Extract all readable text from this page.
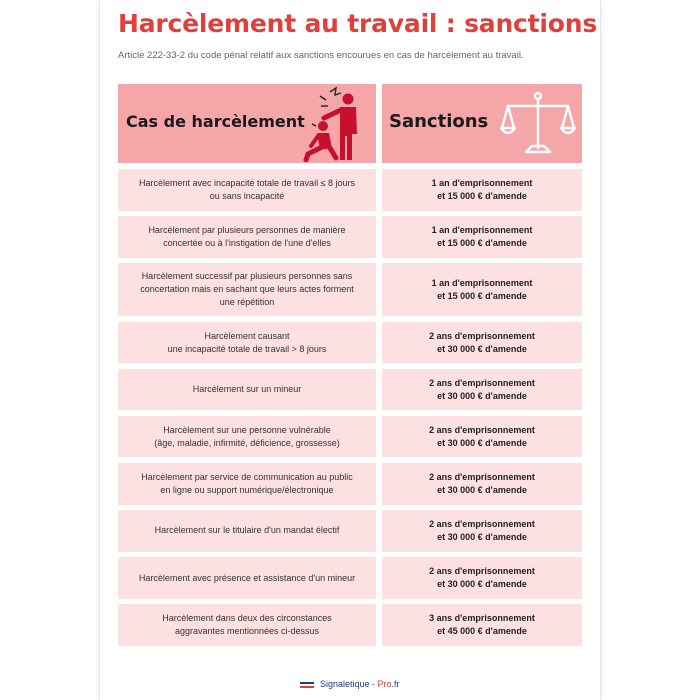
Harcèlement au travail : sanctions

Article 222-33-2 du code pénal relatif aux sanctions encourues en cas de harcèlement au travail.

Cas de harcèlement	Sanctions
Harcèlement avec incapacité totale de travail ≤ 8 jours
ou sans incapacité
1 an d'emprisonnement
et 15 000 € d'amende
Harcèlement par plusieurs personnes de manière
concertée ou à l'instigation de l'une d'elles
1 an d'emprisonnement
et 15 000 € d'amende
Harcèlement successif par plusieurs personnes sans
concertation mais en sachant que leurs actes forment
une répétition
1 an d'emprisonnement
et 15 000 € d'amende
Harcèlement causant
une incapacité totale de travail > 8 jours
2 ans d'emprisonnement
et 30 000 € d'amende
Harcèlement sur un mineur
2 ans d'emprisonnement
et 30 000 € d'amende
Harcèlement sur une personne vulnérable
(âge, maladie, infirmité, déficience, grossesse)
2 ans d'emprisonnement
et 30 000 € d'amende
Harcèlement par service de communication au public
en ligne ou support numérique/électronique
2 ans d'emprisonnement
et 30 000 € d'amende
Harcèlement sur le titulaire d'un mandat électif
2 ans d'emprisonnement
et 30 000 € d'amende
Harcèlement avec présence et assistance d'un mineur
2 ans d'emprisonnement
et 30 000 € d'amende
Harcèlement dans deux des circonstances
aggravantes mentionnées ci-dessus
3 ans d'emprisonnement
et 45 000 € d'amende
Signaletique - Pro.fr
